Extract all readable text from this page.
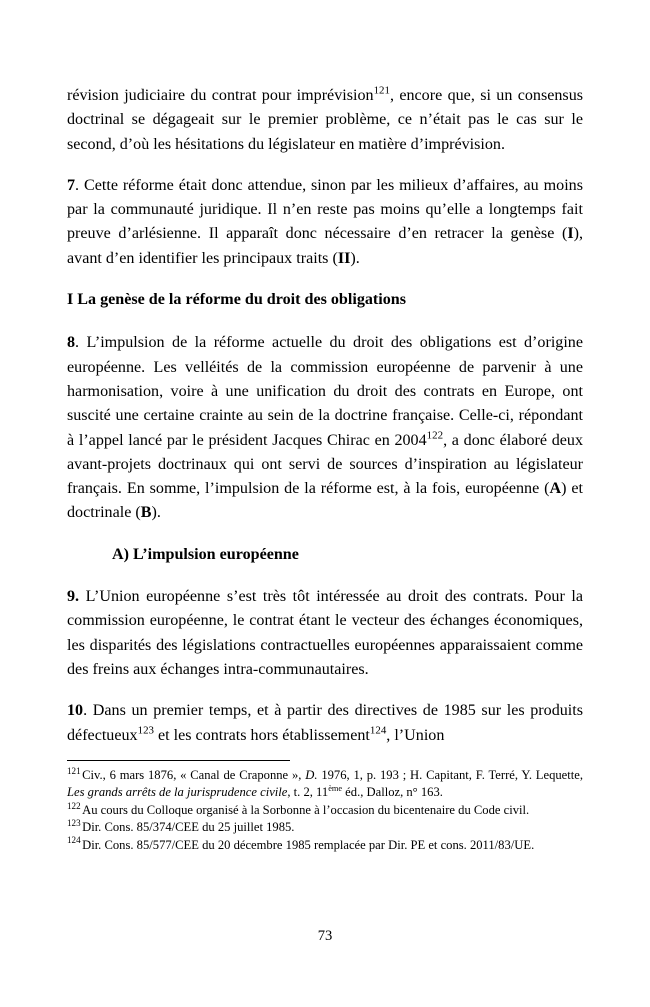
révision judiciaire du contrat pour imprévision$^{121}$, encore que, si un consensus doctrinal se dégageait sur le premier problème, ce n’était pas le cas sur le second, d’où les hésitations du législateur en matière d’imprévision.

7. Cette réforme était donc attendue, sinon par les milieux d’affaires, au moins par la communauté juridique. Il n’en reste pas moins qu’elle a longtemps fait preuve d’arlésienne. Il apparaît donc nécessaire d’en retracer la genèse (I), avant d’en identifier les principaux traits (II).

I La genèse de la réforme du droit des obligations

8. L’impulsion de la réforme actuelle du droit des obligations est d’origine européenne. Les velléités de la commission européenne de parvenir à une harmonisation, voire à une unification du droit des contrats en Europe, ont suscité une certaine crainte au sein de la doctrine française. Celle-ci, répondant à l’appel lancé par le président Jacques Chirac en 2004$^{122}$, a donc élaboré deux avant-projets doctrinaux qui ont servi de sources d’inspiration au législateur français. En somme, l’impulsion de la réforme est, à la fois, européenne (A) et doctrinale (B).

A) L’impulsion européenne

9. L’Union européenne s’est très tôt intéressée au droit des contrats. Pour la commission européenne, le contrat étant le vecteur des échanges économiques, les disparités des législations contractuelles européennes apparaissaient comme des freins aux échanges intra-communautaires.

10. Dans un premier temps, et à partir des directives de 1985 sur les produits défectueux$^{123}$ et les contrats hors établissement$^{124}$, l’Union

$^{121}$ Civ., 6 mars 1876, « Canal de Craponne », D. 1976, 1, p. 193 ; H. Capitant, F. Terré, Y. Lequette, Les grands arrêts de la jurisprudence civile, t. 2, 11ème éd., Dalloz, n° 163.

$^{122}$ Au cours du Colloque organisé à la Sorbonne à l’occasion du bicentenaire du Code civil.

$^{123}$ Dir. Cons. 85/374/CEE du 25 juillet 1985.

$^{124}$ Dir. Cons. 85/577/CEE du 20 décembre 1985 remplacée par Dir. PE et cons. 2011/83/UE.

73
